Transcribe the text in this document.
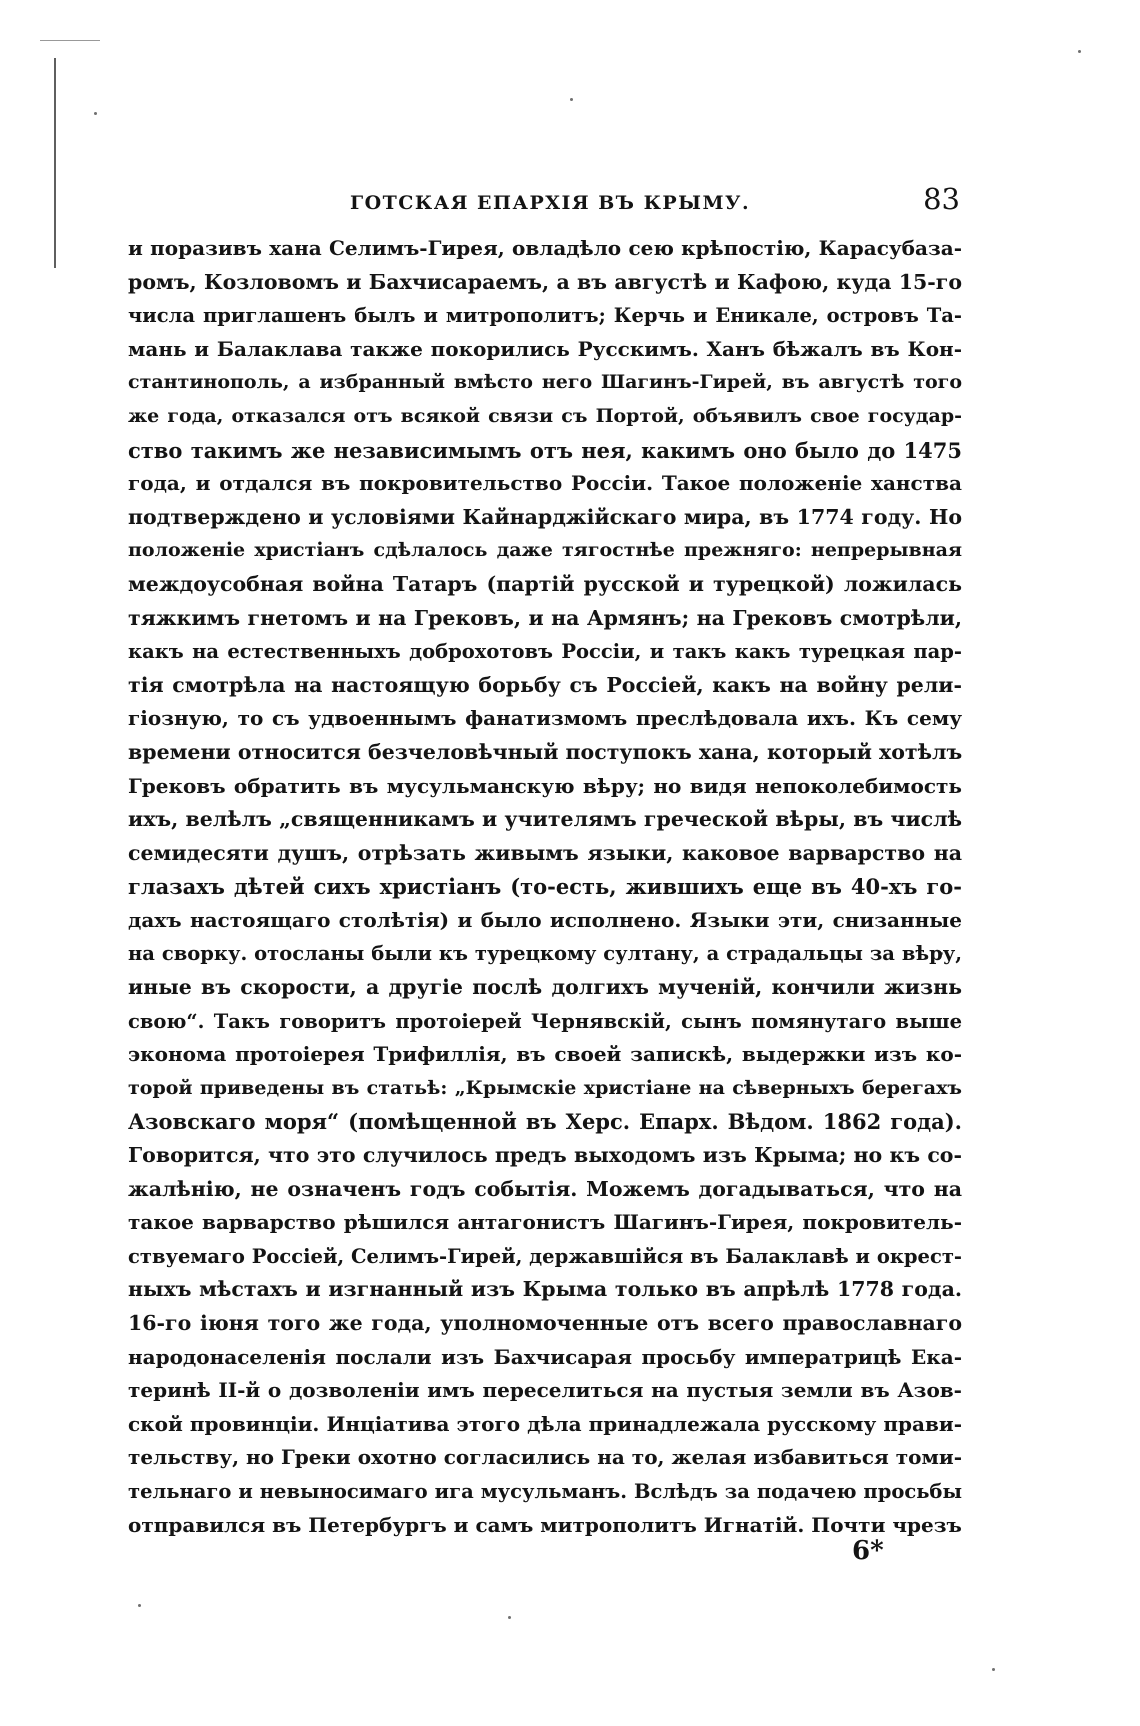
ГОТСКАЯ ЕПАРХІЯ ВЪ КРЫМУ.	83
и поразивъ хана Селимъ-Гирея, овладѣло сею крѣпостію, Карасубаза-
ромъ, Козловомъ и Бахчисараемъ, а въ августѣ и Кафою, куда 15-го
числа приглашенъ былъ и митрополитъ; Керчь и Еникале, островъ Та-
мань и Балаклава также покорились Русскимъ. Ханъ бѣжалъ въ Кон-
стантинополь, а избранный вмѣсто него Шагинъ-Гирей, въ августѣ того
же года, отказался отъ всякой связи съ Портой, объявилъ свое государ-
ство такимъ же независимымъ отъ нея, какимъ оно было до 1475
года, и отдался въ покровительство Россіи. Такое положеніе ханства
подтверждено и условіями Кайнарджійскаго мира, въ 1774 году. Но
положеніе христіанъ сдѣлалось даже тягостнѣе прежняго: непрерывная
междоусобная война Татаръ (партій русской и турецкой) ложилась
тяжкимъ гнетомъ и на Грековъ, и на Армянъ; на Грековъ смотрѣли,
какъ на естественныхъ доброхотовъ Россіи, и такъ какъ турецкая пар-
тія смотрѣла на настоящую борьбу съ Россіей, какъ на войну рели-
гіозную, то съ удвоеннымъ фанатизмомъ преслѣдовала ихъ. Къ сему
времени относится безчеловѣчный поступокъ хана, который хотѣлъ
Грековъ обратить въ мусульманскую вѣру; но видя непоколебимость
ихъ, велѣлъ „священникамъ и учителямъ греческой вѣры, въ числѣ
семидесяти душъ, отрѣзать живымъ языки, каковое варварство на
глазахъ дѣтей сихъ христіанъ (то-есть, жившихъ еще въ 40-хъ го-
дахъ настоящаго столѣтія) и было исполнено. Языки эти, снизанные
на сворку. отосланы были къ турецкому султану, а страдальцы за вѣру,
иные въ скорости, а другіе послѣ долгихъ мученій, кончили жизнь
свою“. Такъ говоритъ протоіерей Чернявскій, сынъ помянутаго выше
эконома протоіерея Трифиллія, въ своей запискѣ, выдержки изъ ко-
торой приведены въ статьѣ: „Крымскіе христіане на сѣверныхъ берегахъ
Азовскаго моря“ (помѣщенной въ Херс. Епарх. Вѣдом. 1862 года).
Говорится, что это случилось предъ выходомъ изъ Крыма; но къ со-
жалѣнію, не означенъ годъ событія. Можемъ догадываться, что на
такое варварство рѣшился антагонистъ Шагинъ-Гирея, покровитель-
ствуемаго Россіей, Селимъ-Гирей, державшійся въ Балаклавѣ и окрест-
ныхъ мѣстахъ и изгнанный изъ Крыма только въ апрѣлѣ 1778 года.
16-го іюня того же года, уполномоченные отъ всего православнаго
народонаселенія послали изъ Бахчисарая просьбу императрицѣ Ека-
теринѣ II-й о дозволеніи имъ переселиться на пустыя земли въ Азов-
ской провинціи. Инціатива этого дѣла принадлежала русскому прави-
тельству, но Греки охотно согласились на то, желая избавиться томи-
тельнаго и невыносимаго ига мусульманъ. Вслѣдъ за подачею просьбы
отправился въ Петербургъ и самъ митрополитъ Игнатій. Почти чрезъ
6*
